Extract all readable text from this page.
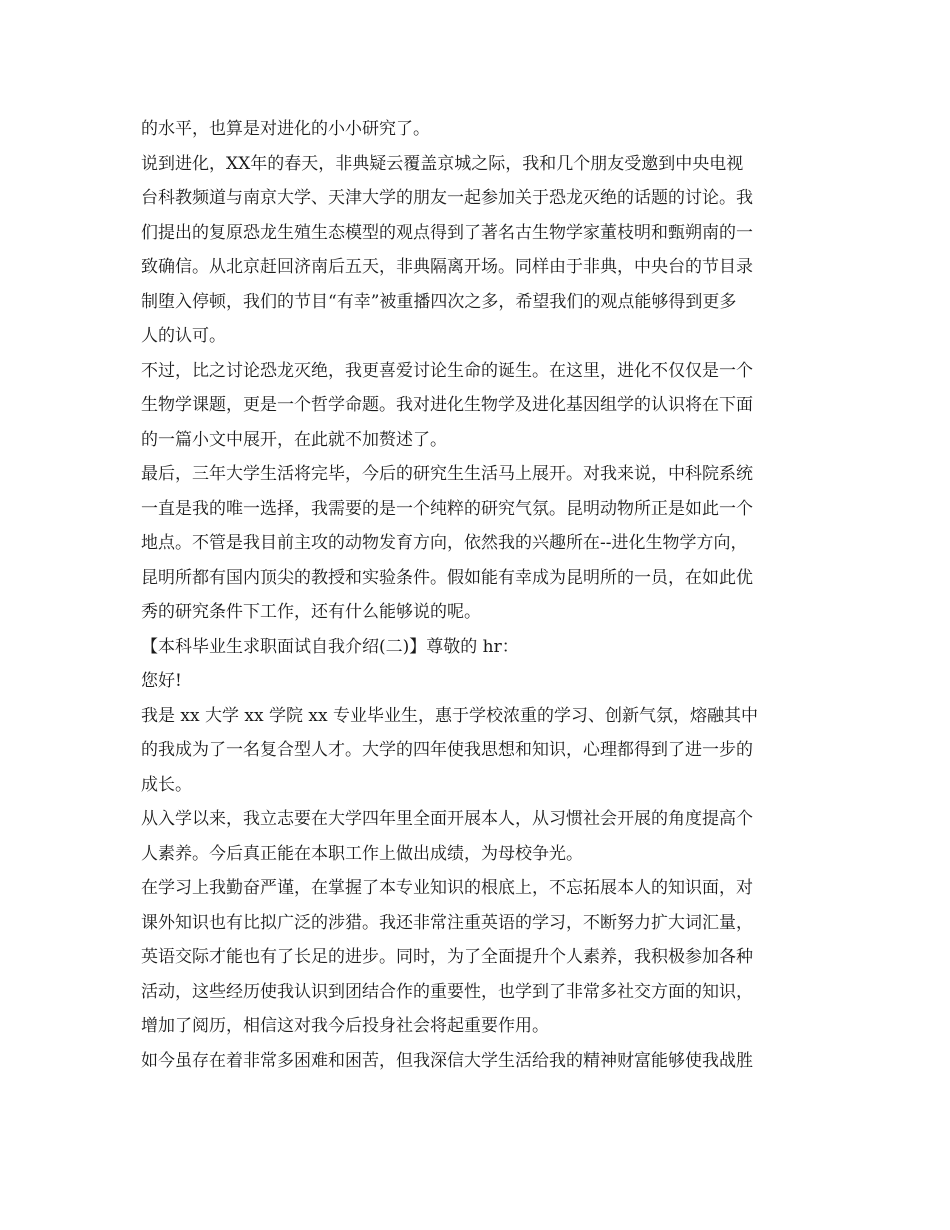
的水平，也算是对进化的小小研究了。
说到进化，XX年的春天，非典疑云覆盖京城之际，我和几个朋友受邀到中央电视
台科教频道与南京大学、天津大学的朋友一起参加关于恐龙灭绝的话题的讨论。我
们提出的复原恐龙生殖生态模型的观点得到了著名古生物学家董枝明和甄朔南的一
致确信。从北京赶回济南后五天，非典隔离开场。同样由于非典，中央台的节目录
制堕入停顿，我们的节目“有幸”被重播四次之多，希望我们的观点能够得到更多
人的认可。
不过，比之讨论恐龙灭绝，我更喜爱讨论生命的诞生。在这里，进化不仅仅是一个
生物学课题，更是一个哲学命题。我对进化生物学及进化基因组学的认识将在下面
的一篇小文中展开，在此就不加赘述了。
最后，三年大学生活将完毕，今后的研究生生活马上展开。对我来说，中科院系统
一直是我的唯一选择，我需要的是一个纯粹的研究气氛。昆明动物所正是如此一个
地点。不管是我目前主攻的动物发育方向，依然我的兴趣所在--进化生物学方向，
昆明所都有国内顶尖的教授和实验条件。假如能有幸成为昆明所的一员，在如此优
秀的研究条件下工作，还有什么能够说的呢。
【本科毕业生求职面试自我介绍(二)】尊敬的 hr：
您好!
我是 xx 大学 xx 学院 xx 专业毕业生，惠于学校浓重的学习、创新气氛，熔融其中
的我成为了一名复合型人才。大学的四年使我思想和知识，心理都得到了进一步的
成长。
从入学以来，我立志要在大学四年里全面开展本人，从习惯社会开展的角度提高个
人素养。今后真正能在本职工作上做出成绩，为母校争光。
在学习上我勤奋严谨，在掌握了本专业知识的根底上，不忘拓展本人的知识面，对
课外知识也有比拟广泛的涉猎。我还非常注重英语的学习，不断努力扩大词汇量，
英语交际才能也有了长足的进步。同时，为了全面提升个人素养，我积极参加各种
活动，这些经历使我认识到团结合作的重要性，也学到了非常多社交方面的知识，
增加了阅历，相信这对我今后投身社会将起重要作用。
如今虽存在着非常多困难和困苦，但我深信大学生活给我的精神财富能够使我战胜
